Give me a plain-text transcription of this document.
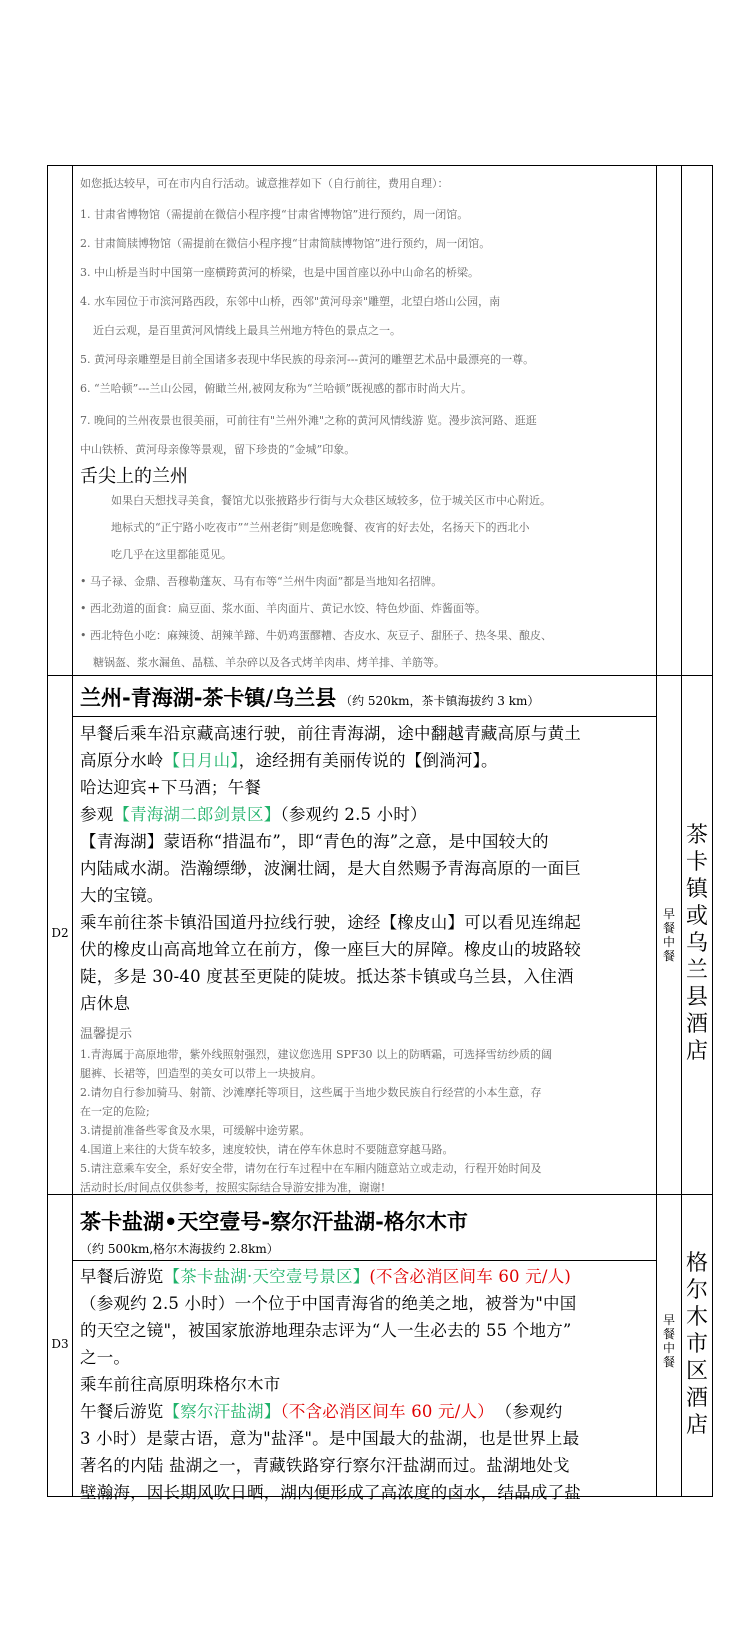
如您抵达较早，可在市内自行活动。诚意推荐如下（自行前往，费用自理）：
1. 甘肃省博物馆（需提前在微信小程序搜“甘肃省博物馆”进行预约，周一闭馆。
2. 甘肃简牍博物馆（需提前在微信小程序搜“甘肃简牍博物馆”进行预约，周一闭馆。
3. 中山桥是当时中国第一座横跨黄河的桥梁，也是中国首座以孙中山命名的桥梁。
4. 水车园位于市滨河路西段，东邻中山桥，西邻"黄河母亲"雕塑，北望白塔山公园，南
近白云观，是百里黄河风情线上最具兰州地方特色的景点之一。
5. 黄河母亲雕塑是目前全国诸多表现中华民族的母亲河---黄河的雕塑艺术品中最漂亮的一尊。
6. “兰哈顿”---兰山公园，俯瞰兰州,被网友称为“兰哈顿”既视感的都市时尚大片。
7. 晚间的兰州夜景也很美丽，可前往有"兰州外滩"之称的黄河风情线游 览。漫步滨河路、逛逛
中山铁桥、黄河母亲像等景观，留下珍贵的“金城”印象。
舌尖上的兰州
如果白天想找寻美食，餐馆尤以张掖路步行街与大众巷区域较多，位于城关区市中心附近。
地标式的“正宁路小吃夜市”“兰州老街”则是您晚餐、夜宵的好去处，名扬天下的西北小
吃几乎在这里都能觅见。
• 马子禄、金鼎、吾穆勒蓬灰、马有布等“兰州牛肉面”都是当地知名招牌。
• 西北劲道的面食：扁豆面、浆水面、羊肉面片、黄记水饺、特色炒面、炸酱面等。
• 西北特色小吃：麻辣烫、胡辣羊蹄、牛奶鸡蛋醪糟、杏皮水、灰豆子、甜胚子、热冬果、酿皮、
糖锅盔、浆水漏鱼、晶糕、羊杂碎以及各式烤羊肉串、烤羊排、羊筋等。
D2
兰州-青海湖-茶卡镇/乌兰县 （约 520km，茶卡镇海拔约 3 km）

早餐后乘车沿京藏高速行驶，前往青海湖，途中翻越青藏高原与黄土

高原分水岭【日月山】，途经拥有美丽传说的【倒淌河】。

哈达迎宾+下马酒；午餐

参观【青海湖二郎剑景区】（参观约 2.5 小时）

【青海湖】蒙语称“措温布”，即“青色的海”之意，是中国较大的

内陆咸水湖。浩瀚缥缈，波澜壮阔，是大自然赐予青海高原的一面巨

大的宝镜。

乘车前往茶卡镇沿国道丹拉线行驶，途经【橡皮山】可以看见连绵起

伏的橡皮山高高地耸立在前方，像一座巨大的屏障。橡皮山的坡路较

陡，多是 30-40 度甚至更陡的陡坡。抵达茶卡镇或乌兰县，入住酒

店休息

温馨提示

1.青海属于高原地带，紫外线照射强烈，建议您选用 SPF30 以上的防晒霜，可选择雪纺纱质的阔

腿裤、长裙等，凹造型的美女可以带上一块披肩。

2.请勿自行参加骑马、射箭、沙滩摩托等项目，这些属于当地少数民族自行经营的小本生意，存

在一定的危险;

3.请提前准备些零食及水果，可缓解中途劳累。

4.国道上来往的大货车较多，速度较快，请在停车休息时不要随意穿越马路。

5.请注意乘车安全，系好安全带，请勿在行车过程中在车厢内随意站立或走动，行程开始时间及

活动时长/时间点仅供参考，按照实际结合导游安排为准，谢谢!

早
餐
中
餐
茶
卡
镇
或
乌
兰
县
酒
店
D3
茶卡盐湖•天空壹号-察尔汗盐湖-格尔木市
（约 500km,格尔木海拔约 2.8km）

早餐后游览【茶卡盐湖·天空壹号景区】(不含必消区间车 60 元/人)

（参观约 2.5 小时）一个位于中国青海省的绝美之地，被誉为"中国

的天空之镜"，被国家旅游地理杂志评为“人一生必去的 55 个地方”

之一。

乘车前往高原明珠格尔木市

午餐后游览【察尔汗盐湖】（不含必消区间车 60 元/人） （参观约

3 小时）是蒙古语，意为"盐泽"。是中国最大的盐湖，也是世界上最

著名的内陆 盐湖之一，青藏铁路穿行察尔汗盐湖而过。盐湖地处戈

壁瀚海，因长期风吹日晒，湖内便形成了高浓度的卤水，结晶成了盐

早
餐
中
餐
格
尔
木
市
区
酒
店
